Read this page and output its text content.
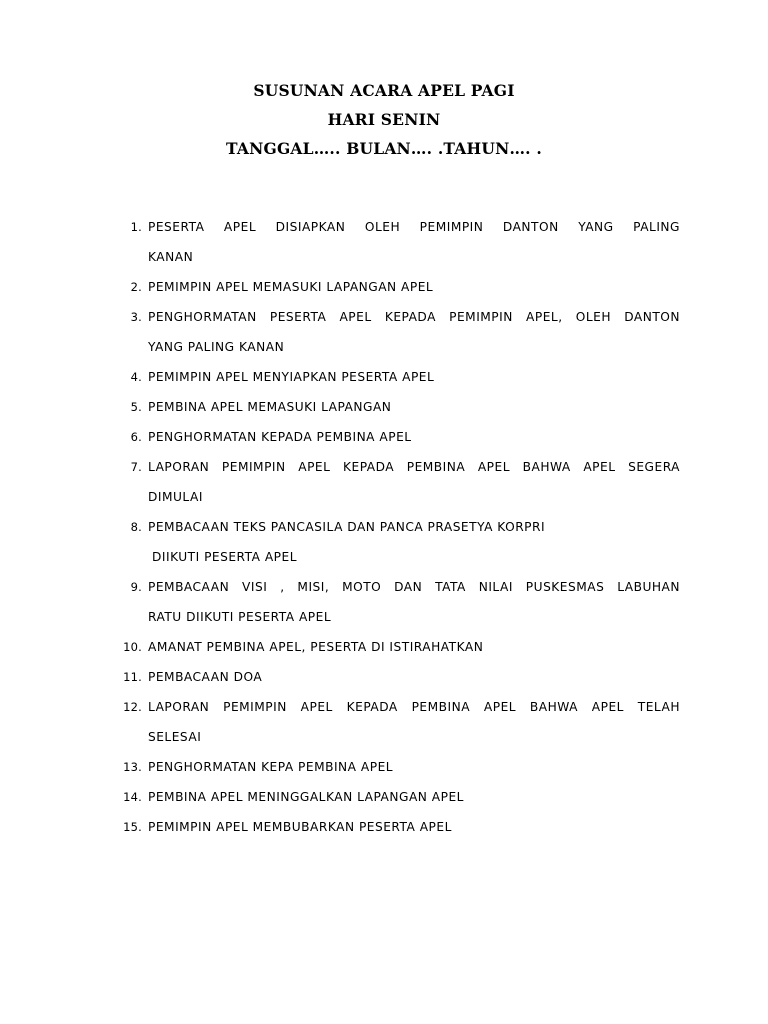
SUSUNAN ACARA APEL PAGI
HARI SENIN
TANGGAL….. BULAN…. .TAHUN…. .
1. PESERTA APEL DISIAPKAN OLEH PEMIMPIN DANTON YANG PALING
KANAN
2. PEMIMPIN APEL MEMASUKI LAPANGAN APEL
3. PENGHORMATAN PESERTA APEL KEPADA PEMIMPIN APEL, OLEH DANTON
YANG PALING KANAN
4. PEMIMPIN APEL MENYIAPKAN PESERTA APEL
5. PEMBINA APEL MEMASUKI LAPANGAN
6. PENGHORMATAN KEPADA PEMBINA APEL
7. LAPORAN PEMIMPIN APEL KEPADA PEMBINA APEL BAHWA APEL SEGERA
DIMULAI
8. PEMBACAAN TEKS PANCASILA DAN PANCA PRASETYA KORPRI
DIIKUTI PESERTA APEL
9. PEMBACAAN VISI , MISI, MOTO DAN TATA NILAI PUSKESMAS LABUHAN
RATU DIIKUTI PESERTA APEL
10. AMANAT PEMBINA APEL, PESERTA DI ISTIRAHATKAN
11. PEMBACAAN DOA
12. LAPORAN PEMIMPIN APEL KEPADA PEMBINA APEL BAHWA APEL TELAH
SELESAI
13. PENGHORMATAN KEPA PEMBINA APEL
14. PEMBINA APEL MENINGGALKAN LAPANGAN APEL
15. PEMIMPIN APEL MEMBUBARKAN PESERTA APEL
